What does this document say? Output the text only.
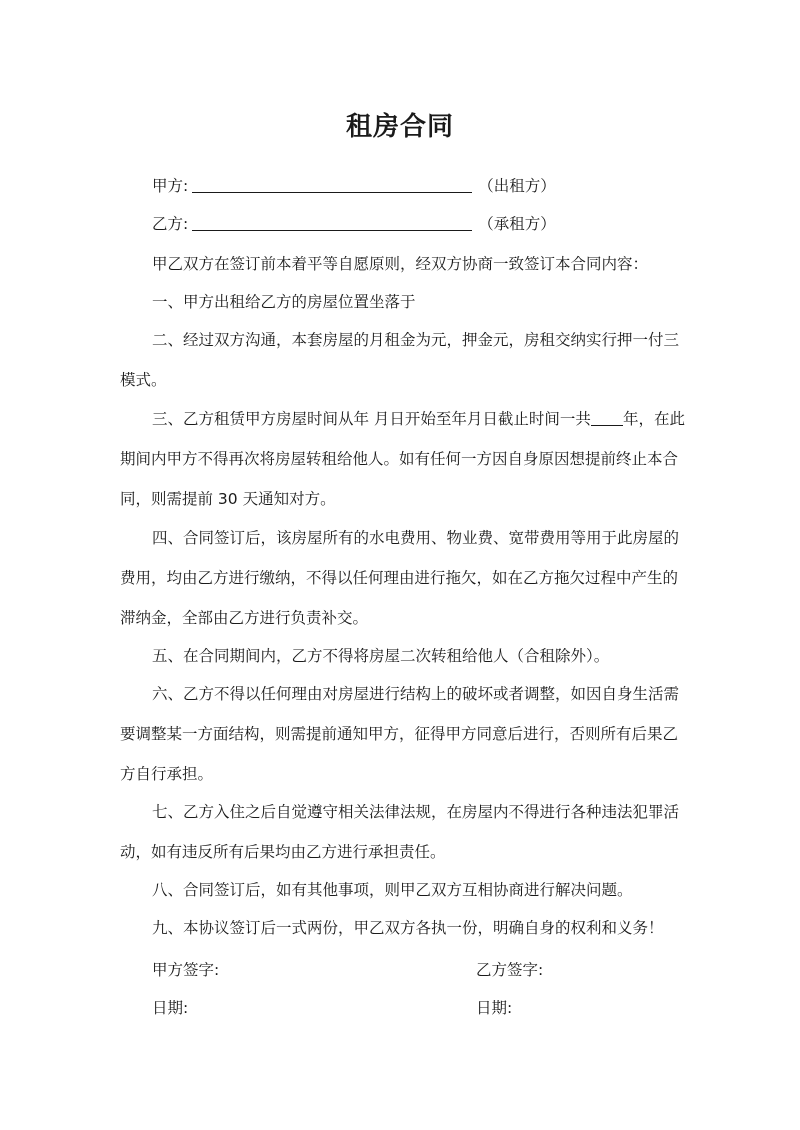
租房合同
甲方:	（出租方）
乙方:	（承租方）
甲乙双方在签订前本着平等自愿原则，经双方协商一致签订本合同内容：
一、甲方出租给乙方的房屋位置坐落于
二、经过双方沟通，本套房屋的月租金为元，押金元，房租交纳实行押一付三模式。
三、乙方租赁甲方房屋时间从年 月日开始至年月日截止时间一共 年，在此期间内甲方不得再次将房屋转租给他人。如有任何一方因自身原因想提前终止本合同，则需提前 30 天通知对方。
四、合同签订后，该房屋所有的水电费用、物业费、宽带费用等用于此房屋的费用，均由乙方进行缴纳，不得以任何理由进行拖欠，如在乙方拖欠过程中产生的滞纳金，全部由乙方进行负责补交。
五、在合同期间内，乙方不得将房屋二次转租给他人（合租除外）。
六、乙方不得以任何理由对房屋进行结构上的破坏或者调整，如因自身生活需要调整某一方面结构，则需提前通知甲方，征得甲方同意后进行，否则所有后果乙方自行承担。
七、乙方入住之后自觉遵守相关法律法规，在房屋内不得进行各种违法犯罪活动，如有违反所有后果均由乙方进行承担责任。
八、合同签订后，如有其他事项，则甲乙双方互相协商进行解决问题。
九、本协议签订后一式两份，甲乙双方各执一份，明确自身的权利和义务！
甲方签字:	乙方签字:
日期:	日期:
